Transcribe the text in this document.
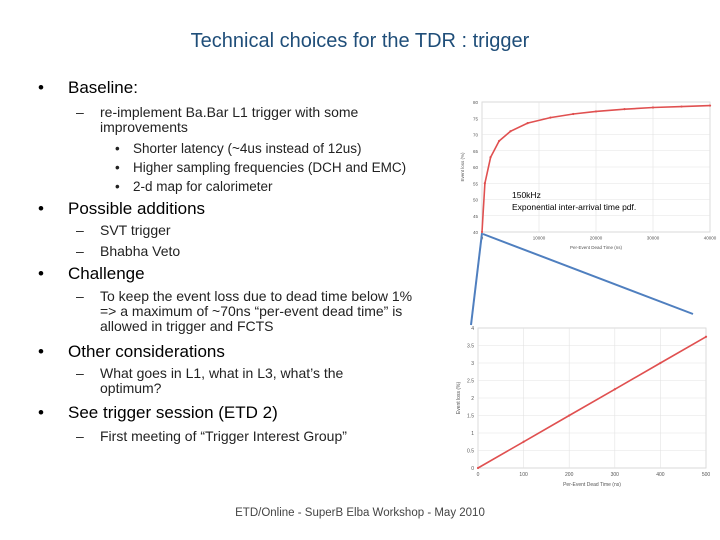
Technical choices for the TDR : trigger
• Baseline:
– re-implement Ba.Bar L1 trigger with some improvements
• Shorter latency (~4us instead of 12us)
• Higher sampling frequencies (DCH and EMC)
• 2-d map for calorimeter
• Possible additions
– SVT trigger
– Bhabha Veto
• Challenge
– To keep the event loss due to dead time below 1% => a maximum of ~70ns “per-event dead time” is allowed in trigger and FCTS
• Other considerations
– What goes in L1, what in L3, what’s the optimum?
• See trigger session (ETD 2)
– First meeting of “Trigger Interest Group”
40
45
50
55
60
65
70
75
80
10000	20000	30000	40000
Per-Event Dead Time (ns)
Event loss (%)
0
0.5
1
1.5
2
2.5
3
3.5
4
0	100	200	300	400	500
Per-Event Dead Time (ns)
Event loss (%)
150kHz
Exponential inter-arrival time pdf.
ETD/Online - SuperB Elba Workshop - May 2010
